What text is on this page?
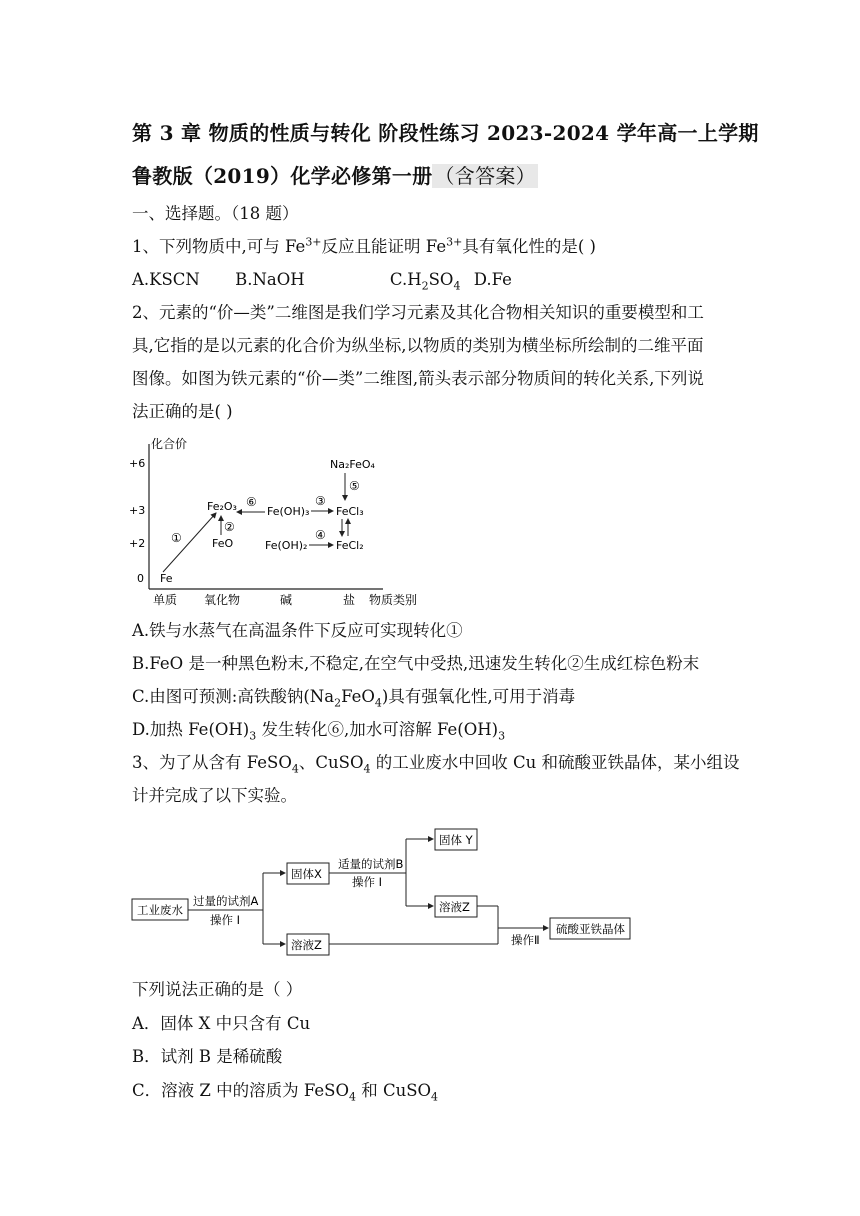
第 3 章 物质的性质与转化 阶段性练习 2023-2024 学年高一上学期
鲁教版（2019）化学必修第一册 （含答案）
一、选择题。（18 题）
1、下列物质中,可与 $Fe^{3+}$反应且能证明 $Fe^{3+}$具有氧化性的是( )
A.KSCN B.NaOH	$C.H_2SO_4$ D.Fe
2、元素的“价—类”二维图是我们学习元素及其化合物相关知识的重要模型和工
具,它指的是以元素的化合价为纵坐标,以物质的类别为横坐标所绘制的二维平面
图像。如图为铁元素的“价—类”二维图,箭头表示部分物质间的转化关系,下列说
法正确的是( )
化合价
+6
+3
+2
0
单质 氧化物	碱	盐 物质类别
Fe
Fe₂O₃
FeO
Fe(OH)₃
Fe(OH)₂
FeCl₃
FeCl₂
Na₂FeO₄
①
②
⑥	③
④
⑤
A.铁与水蒸气在高温条件下反应可实现转化①
B.FeO 是一种黑色粉末,不稳定,在空气中受热,迅速发生转化②生成红棕色粉末
C.由图可预测:高铁酸钠$(Na_2FeO_4)$具有强氧化性,可用于消毒
D.加热 $Fe(OH)_3$ 发生转化⑥,加水可溶解 $Fe(OH)_3$
3、为了从含有 FeSO$_4$、CuSO$_4$ 的工业废水中回收 Cu 和硫酸亚铁晶体，某小组设
计并完成了以下实验。
工业废水
固体X
溶液Z
固体 Y
溶液Z
硫酸亚铁晶体
过量的试剂A
操作 I
适量的试剂B
操作 I
操作Ⅱ
下列说法正确的是（ ）
A．固体 X 中只含有 Cu
B．试剂 B 是稀硫酸
C．溶液 Z 中的溶质为 FeSO$_4$ 和 CuSO$_4$
